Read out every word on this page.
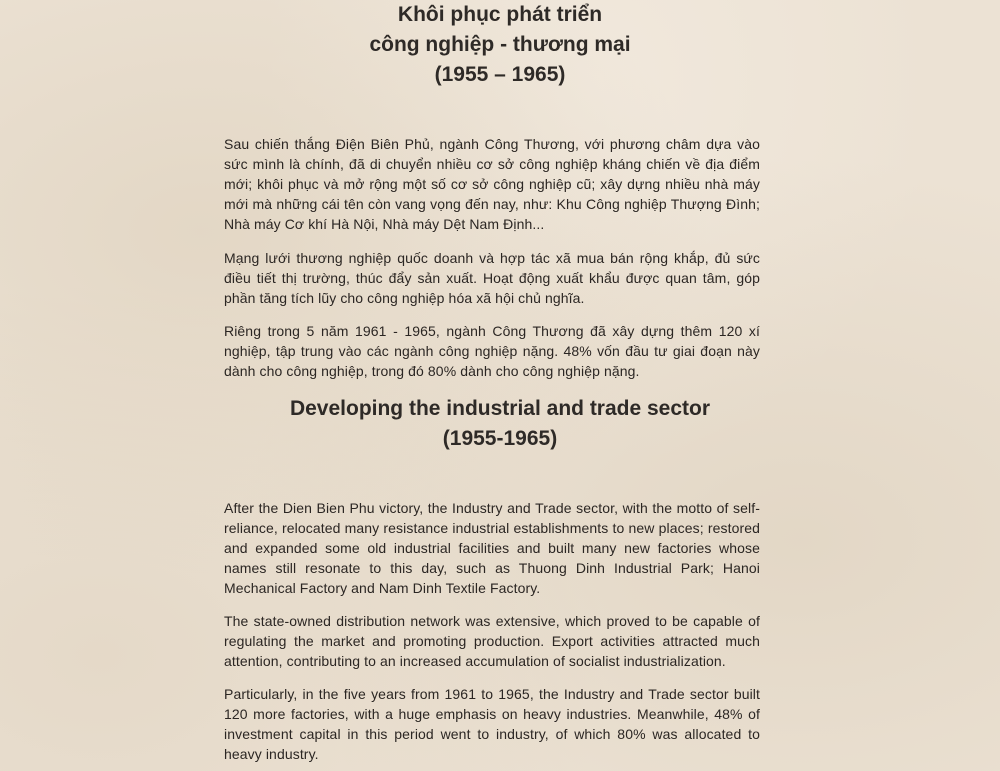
Khôi phục phát triển
công nghiệp - thương mại
(1955 – 1965)

Sau chiến thắng Điện Biên Phủ, ngành Công Thương, với phương châm dựa vào sức mình là chính, đã di chuyển nhiều cơ sở công nghiệp kháng chiến về địa điểm mới; khôi phục và mở rộng một số cơ sở công nghiệp cũ; xây dựng nhiều nhà máy mới mà những cái tên còn vang vọng đến nay, như: Khu Công nghiệp Thượng Đình; Nhà máy Cơ khí Hà Nội, Nhà máy Dệt Nam Định...

Mạng lưới thương nghiệp quốc doanh và hợp tác xã mua bán rộng khắp, đủ sức điều tiết thị trường, thúc đẩy sản xuất. Hoạt động xuất khẩu được quan tâm, góp phần tăng tích lũy cho công nghiệp hóa xã hội chủ nghĩa.

Riêng trong 5 năm 1961 - 1965, ngành Công Thương đã xây dựng thêm 120 xí nghiệp, tập trung vào các ngành công nghiệp nặng. 48% vốn đầu tư giai đoạn này dành cho công nghiệp, trong đó 80% dành cho công nghiệp nặng.

Developing the industrial and trade sector
(1955-1965)

After the Dien Bien Phu victory, the Industry and Trade sector, with the motto of self-reliance, relocated many resistance industrial establishments to new places; restored and expanded some old industrial facilities and built many new factories whose names still resonate to this day, such as Thuong Dinh Industrial Park; Hanoi Mechanical Factory and Nam Dinh Textile Factory.

The state-owned distribution network was extensive, which proved to be capable of regulating the market and promoting production. Export activities attracted much attention, contributing to an increased accumulation of socialist industrialization.

Particularly, in the five years from 1961 to 1965, the Industry and Trade sector built 120 more factories, with a huge emphasis on heavy industries. Meanwhile, 48% of investment capital in this period went to industry, of which 80% was allocated to heavy industry.
